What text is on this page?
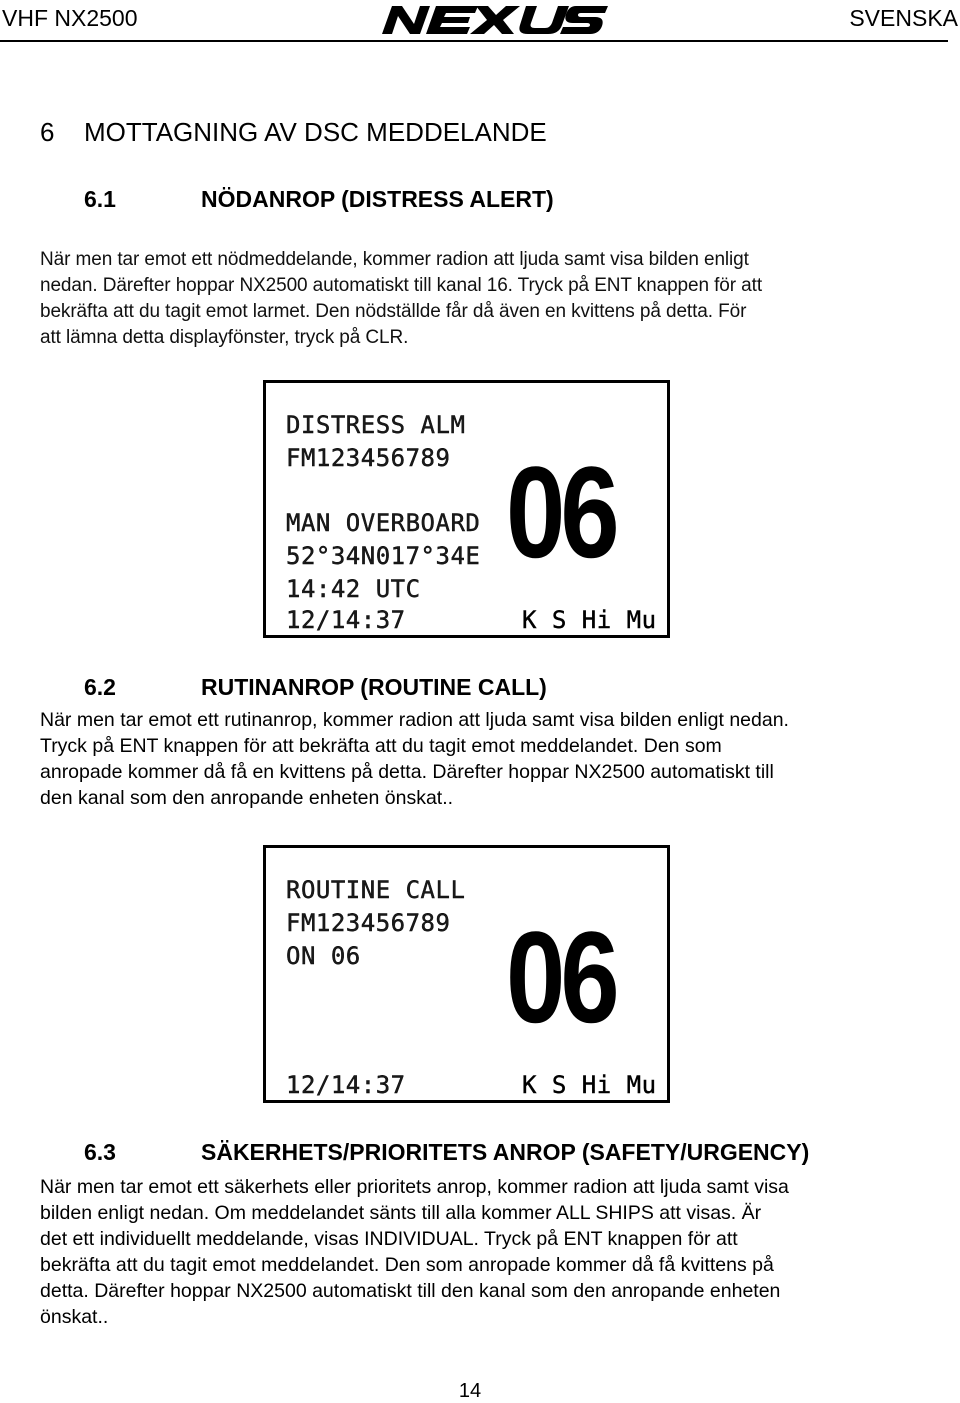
VHF NX2500	SVENSKA
6 MOTTAGNING AV DSC MEDDELANDE
6.1	NÖDANROP (DISTRESS ALERT)

När men tar emot ett nödmeddelande, kommer radion att ljuda samt visa bilden enligt
nedan. Därefter hoppar NX2500 automatiskt till kanal 16. Tryck på ENT knappen för att
bekräfta att du tagit emot larmet. Den nödställde får då även en kvittens på detta. För
att lämna detta displayfönster, tryck på CLR.

DISTRESS ALM
FM123456789
MAN OVERBOARD
52°34N017°34E
14:42 UTC
12/14:37
06
K S Hi Mu
6.2	RUTINANROP (ROUTINE CALL)

När men tar emot ett rutinanrop, kommer radion att ljuda samt visa bilden enligt nedan.
Tryck på ENT knappen för att bekräfta att du tagit emot meddelandet. Den som
anropade kommer då få en kvittens på detta. Därefter hoppar NX2500 automatiskt till
den kanal som den anropande enheten önskat..

ROUTINE CALL
FM123456789
ON 06
12/14:37
06
K S Hi Mu
6.3	SÄKERHETS/PRIORITETS ANROP (SAFETY/URGENCY)

När men tar emot ett säkerhets eller prioritets anrop, kommer radion att ljuda samt visa
bilden enligt nedan. Om meddelandet sänts till alla kommer ALL SHIPS att visas. Är
det ett individuellt meddelande, visas INDIVIDUAL. Tryck på ENT knappen för att
bekräfta att du tagit emot meddelandet. Den som anropade kommer då få kvittens på
detta. Därefter hoppar NX2500 automatiskt till den kanal som den anropande enheten
önskat..

14
